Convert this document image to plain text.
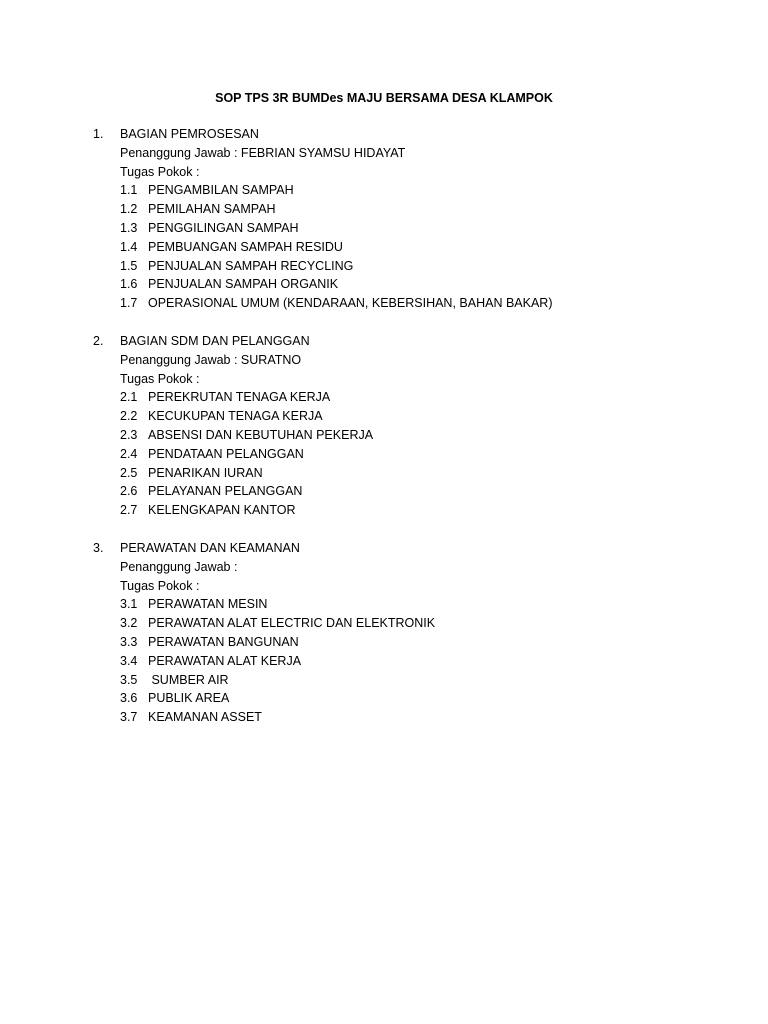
SOP TPS 3R BUMDes MAJU BERSAMA DESA KLAMPOK
1. BAGIAN PEMROSESAN
Penanggung Jawab : FEBRIAN SYAMSU HIDAYAT
Tugas Pokok :
1.1 PENGAMBILAN SAMPAH
1.2 PEMILAHAN SAMPAH
1.3 PENGGILINGAN SAMPAH
1.4 PEMBUANGAN SAMPAH RESIDU
1.5 PENJUALAN SAMPAH RECYCLING
1.6 PENJUALAN SAMPAH ORGANIK
1.7 OPERASIONAL UMUM (KENDARAAN, KEBERSIHAN, BAHAN BAKAR)
2. BAGIAN SDM DAN PELANGGAN
Penanggung Jawab : SURATNO
Tugas Pokok :
2.1 PEREKRUTAN TENAGA KERJA
2.2 KECUKUPAN TENAGA KERJA
2.3 ABSENSI DAN KEBUTUHAN PEKERJA
2.4 PENDATAAN PELANGGAN
2.5 PENARIKAN IURAN
2.6 PELAYANAN PELANGGAN
2.7 KELENGKAPAN KANTOR
3. PERAWATAN DAN KEAMANAN
Penanggung Jawab :
Tugas Pokok :
3.1 PERAWATAN MESIN
3.2 PERAWATAN ALAT ELECTRIC DAN ELEKTRONIK
3.3 PERAWATAN BANGUNAN
3.4 PERAWATAN ALAT KERJA
3.5 SUMBER AIR
3.6 PUBLIK AREA
3.7 KEAMANAN ASSET
